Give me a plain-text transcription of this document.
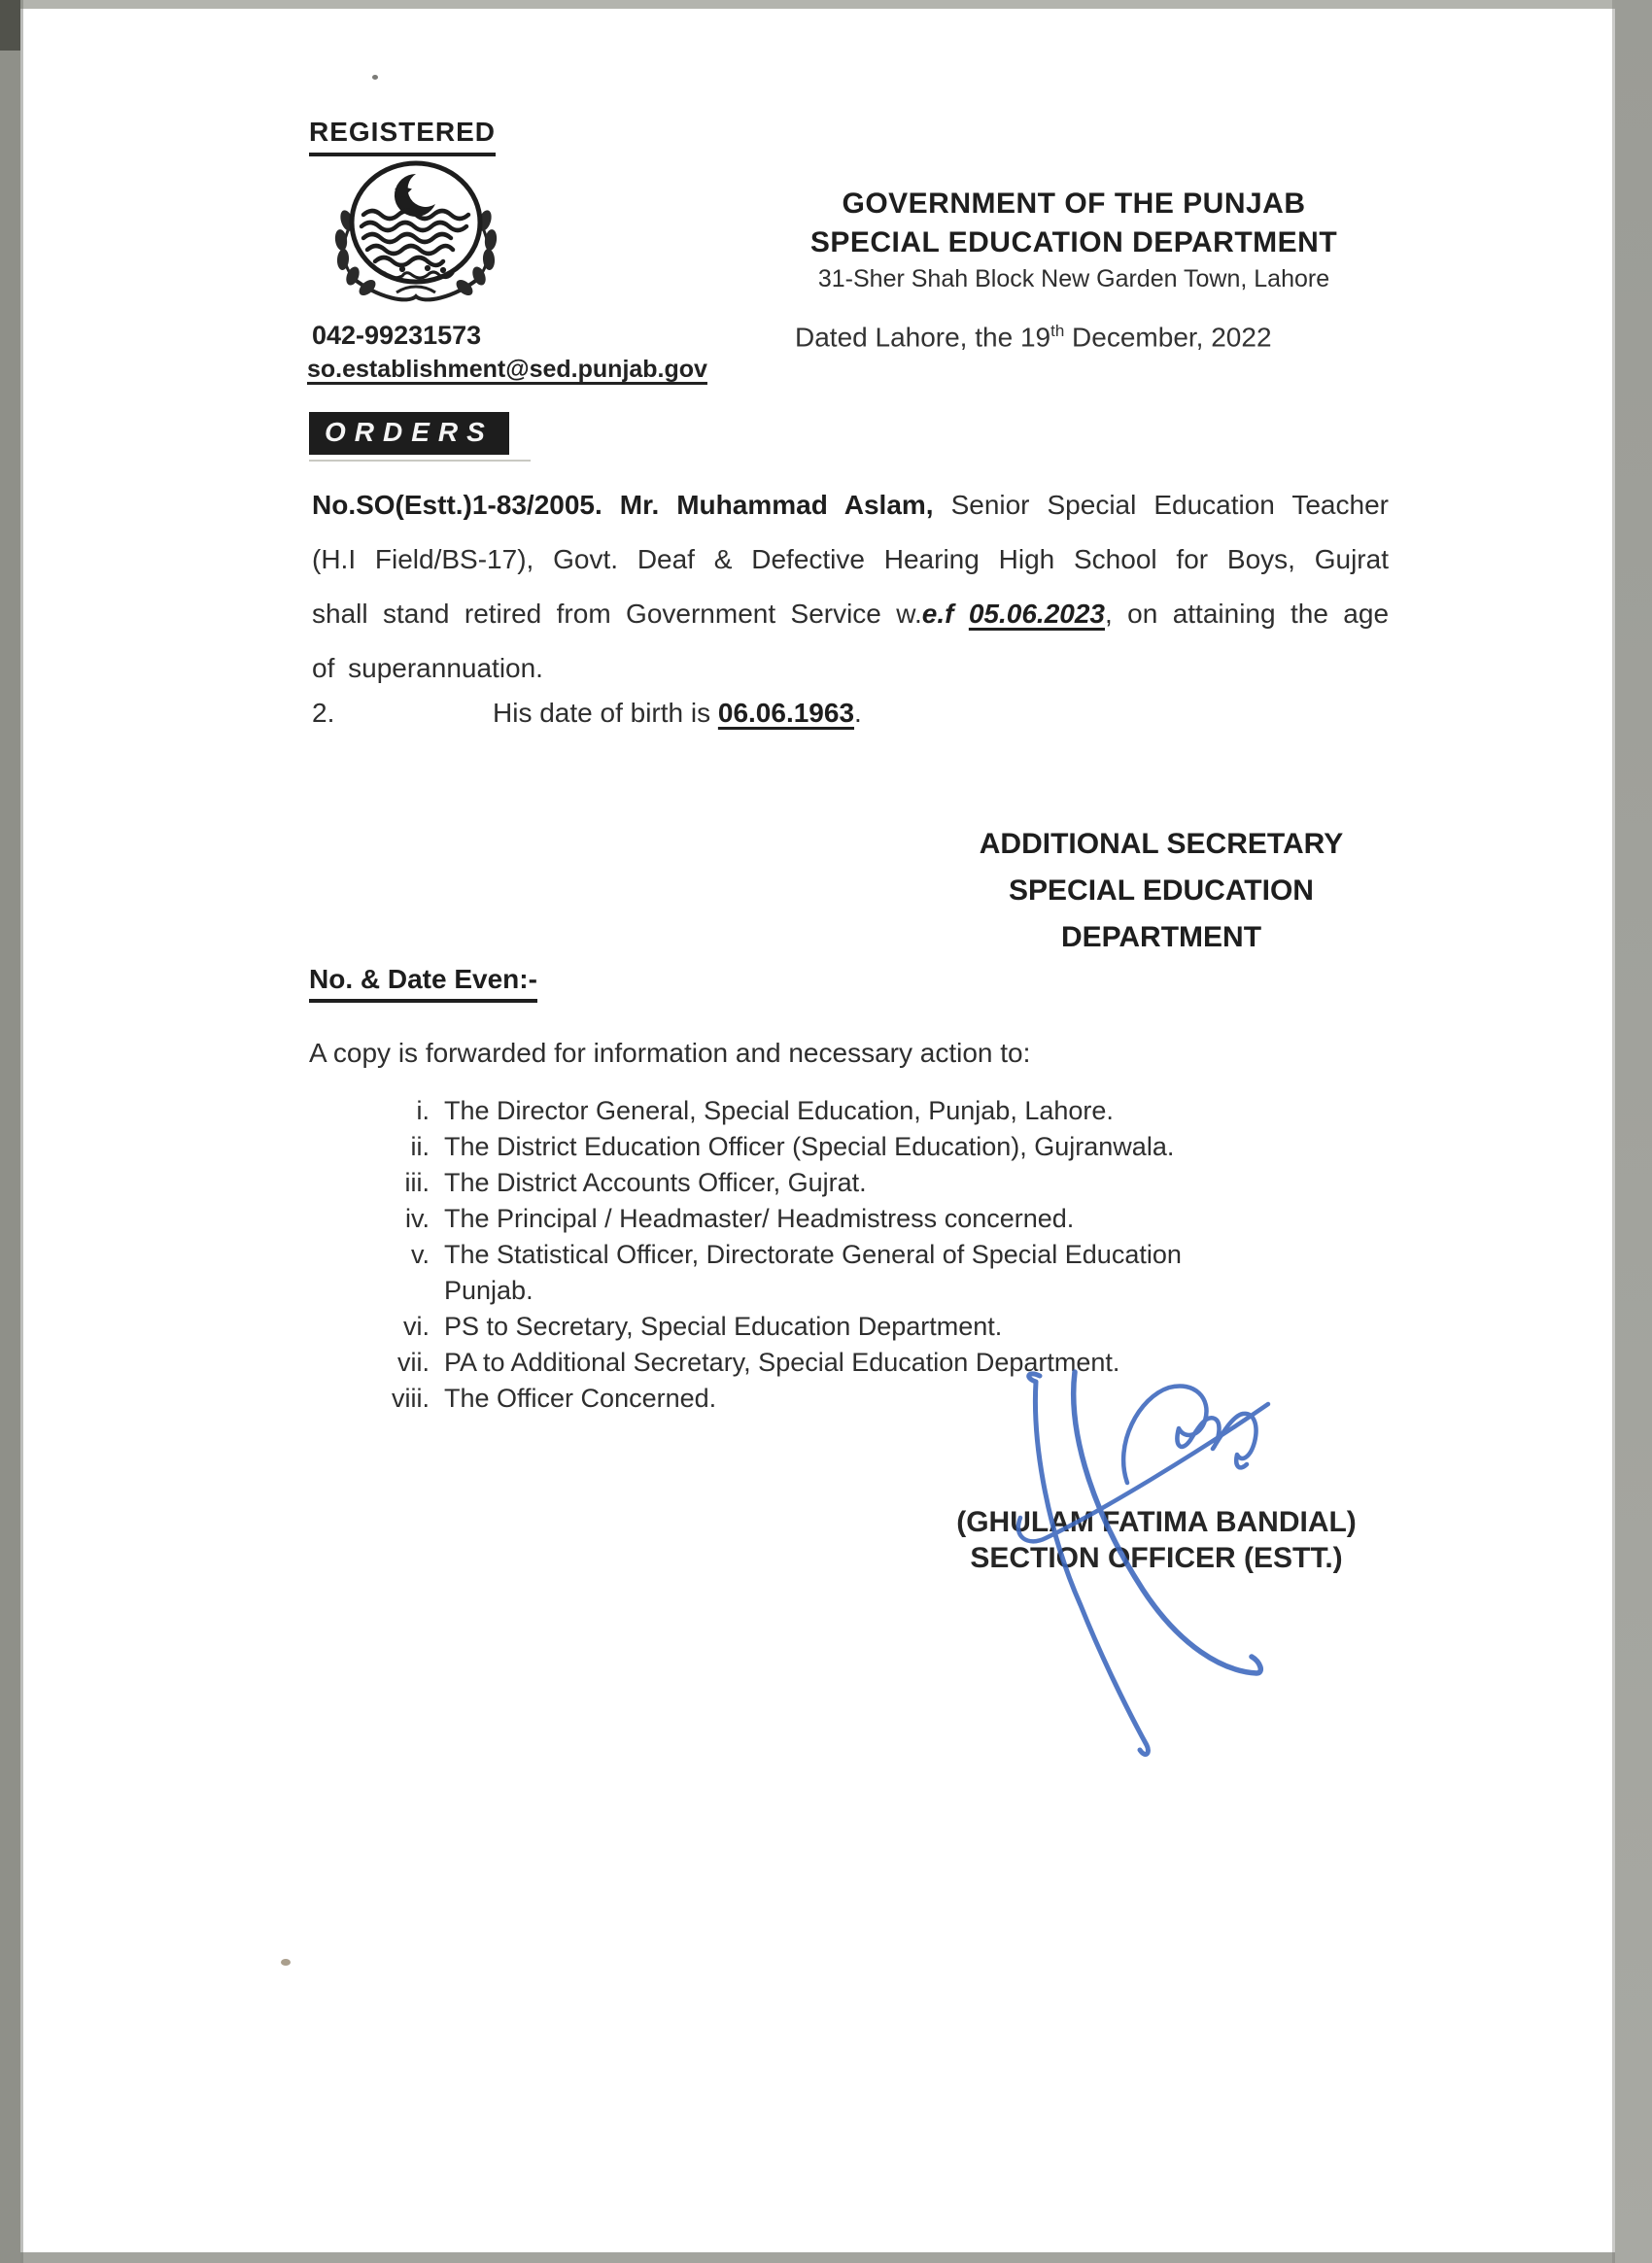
REGISTERED
GOVERNMENT OF THE PUNJAB
SPECIAL EDUCATION DEPARTMENT
31-Sher Shah Block New Garden Town, Lahore
042-99231573
so.establishment@sed.punjab.gov
Dated Lahore, the 19th December, 2022
ORDERS
No.SO(Estt.)1-83/2005. Mr. Muhammad Aslam, Senior Special Education Teacher (H.I Field/BS-17), Govt. Deaf & Defective Hearing High School for Boys, Gujrat shall stand retired from Government Service w.e.f 05.06.2023, on attaining the age of superannuation.
2.	His date of birth is 06.06.1963.
ADDITIONAL SECRETARY
SPECIAL EDUCATION
DEPARTMENT
No. & Date Even:-
A copy is forwarded for information and necessary action to:
i. The Director General, Special Education, Punjab, Lahore.
ii. The District Education Officer (Special Education), Gujranwala.
iii. The District Accounts Officer, Gujrat.
iv. The Principal / Headmaster/ Headmistress concerned.
v. The Statistical Officer, Directorate General of Special Education
Punjab.
vi. PS to Secretary, Special Education Department.
vii. PA to Additional Secretary, Special Education Department.
viii. The Officer Concerned.
(GHULAM FATIMA BANDIAL)
SECTION OFFICER (ESTT.)
